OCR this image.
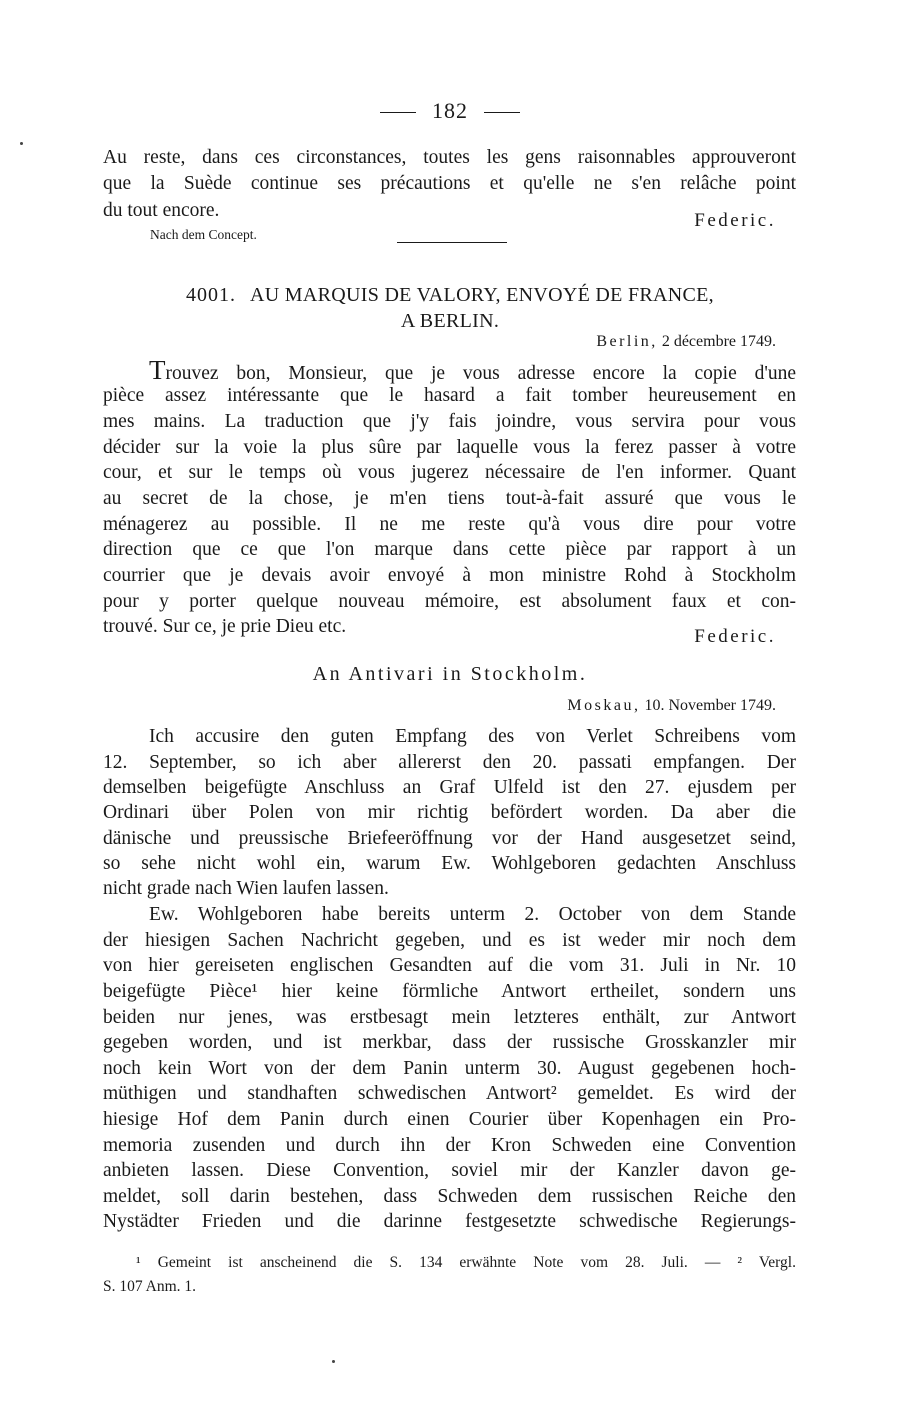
182
Au reste, dans ces circonstances, toutes les gens raisonnables approuveront
que la Suède continue ses précautions et qu'elle ne s'en relâche point
du tout encore.	Federic.
Nach dem Concept.
4001. AU MARQUIS DE VALORY, ENVOYÉ DE FRANCE,
A BERLIN.
Berlin, 2 décembre 1749.
Trouvez bon, Monsieur, que je vous adresse encore la copie d'une
pièce assez intéressante que le hasard a fait tomber heureusement en
mes mains. La traduction que j'y fais joindre, vous servira pour vous
décider sur la voie la plus sûre par laquelle vous la ferez passer à votre
cour, et sur le temps où vous jugerez nécessaire de l'en informer. Quant
au secret de la chose, je m'en tiens tout-à-fait assuré que vous le
ménagerez au possible. Il ne me reste qu'à vous dire pour votre
direction que ce que l'on marque dans cette pièce par rapport à un
courrier que je devais avoir envoyé à mon ministre Rohd à Stockholm
pour y porter quelque nouveau mémoire, est absolument faux et con-
trouvé. Sur ce, je prie Dieu etc.	Federic.
An Antivari in Stockholm.
Moskau, 10. November 1749.
Ich accusire den guten Empfang des von Verlet Schreibens vom
12. September, so ich aber allererst den 20. passati empfangen. Der
demselben beigefügte Anschluss an Graf Ulfeld ist den 27. ejusdem per
Ordinari über Polen von mir richtig befördert worden. Da aber die
dänische und preussische Briefeeröffnung vor der Hand ausgesetzet seind,
so sehe nicht wohl ein, warum Ew. Wohlgeboren gedachten Anschluss
nicht grade nach Wien laufen lassen.
Ew. Wohlgeboren habe bereits unterm 2. October von dem Stande
der hiesigen Sachen Nachricht gegeben, und es ist weder mir noch dem
von hier gereiseten englischen Gesandten auf die vom 31. Juli in Nr. 10
beigefügte Pièce¹ hier keine förmliche Antwort ertheilet, sondern uns
beiden nur jenes, was erstbesagt mein letzteres enthält, zur Antwort
gegeben worden, und ist merkbar, dass der russische Grosskanzler mir
noch kein Wort von der dem Panin unterm 30. August gegebenen hoch-
müthigen und standhaften schwedischen Antwort² gemeldet. Es wird der
hiesige Hof dem Panin durch einen Courier über Kopenhagen ein Pro-
memoria zusenden und durch ihn der Kron Schweden eine Convention
anbieten lassen. Diese Convention, soviel mir der Kanzler davon ge-
meldet, soll darin bestehen, dass Schweden dem russischen Reiche den
Nystädter Frieden und die darinne festgesetzte schwedische Regierungs-
¹ Gemeint ist anscheinend die S. 134 erwähnte Note vom 28. Juli. — ² Vergl.
S. 107 Anm. 1.
